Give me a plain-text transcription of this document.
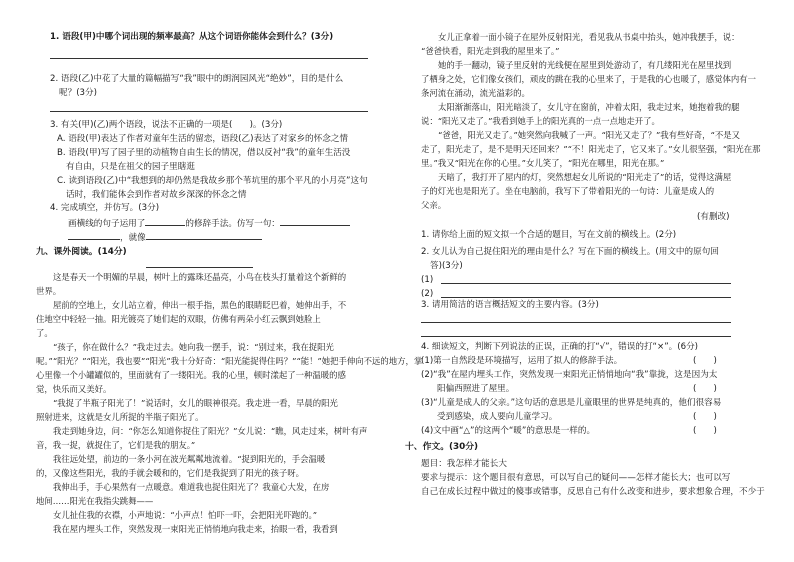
1. 语段(甲)中哪个词出现的频率最高？从这个词语你能体会到什么？(3分)
2. 语段(乙)中花了大量的篇幅描写“我”眼中的朗润园风光“绝妙”，目的是什么
呢？(3分)
3. 有关(甲)(乙)两个语段，说法不正确的一项是(　　)。(3分)
A. 语段(甲)表达了作者对童年生活的留恋，语段(乙)表达了对家乡的怀念之情
B. 语段(甲)写了园子里的动植物自由生长的情况，借以反衬“我”的童年生活没
有自由，只是在祖父的园子里瞎逛
C. 读到语段(乙)中“我想到的却仍然是我故乡那个苇坑里的那个平凡的小月亮”这句
话时，我们能体会到作者对故乡深深的怀念之情
4. 完成填空，并仿写。(3分)
画横线的句子运用了	的修辞手法。仿写一句：
，就像
九、课外阅读。(14分)
这是春天一个明媚的早晨，树叶上的露珠还晶亮，小鸟在枝头打量着这个新鲜的
世界。
屋前的空地上，女儿站立着，伸出一根手指，黑色的眼睛眨巴着，她伸出手，不
住地空中轻轻一抽。阳光镀亮了她们起的双眼，仿佛有两朵小红云飘到她脸上
了。
“孩子，你在做什么？”我走过去。她向我一摆手，说：“别过来，我在捉阳光
呢。”“阳光？”“阳光，我也要”“阳光”我十分好奇：“阳光能捉得住吗？”“能！”她把手伸向不远的地方，掌
心里像一个小罐罐似的，里面就有了一缕阳光。我的心里，顿时漾起了一种温暖的感
觉，快乐而又美好。
“我捉了半瓶子阳光了！”说话时，女儿的眼神很亮。我走进一看，早晨的阳光
照射进来，这就是女儿所捉的半瓶子阳光了。
我走到她身边，问：“你怎么知道你捉住了阳光？”女儿说：“瞧，风走过来，树叶有声
音，我一捉，就捉住了，它们是我的朋友。”
我往远处望，前边的一条小河在波光粼粼地流着。“捉到阳光的，手会温暖
的，又像这些阳光，我的手就会暖和的，它们是我捉到了阳光的孩子呀。
我伸出手，手心果然有一点暖意。难道我也捉住阳光了？我童心大发，在房
地间……阳光在我指尖跳舞——
女儿扯住我的衣襟，小声地说：“小声点！怕吓一吓，会把阳光吓跑的。”
我在屋内埋头工作，突然发现一束阳光正悄悄地向我走来，抬眼一看，我看到
女儿正拿着一面小镜子在屋外反射阳光，看见我从书桌中抬头，她冲我摆手，说：
“爸爸快看，阳光走到我的屋里来了。”
她的手一翻动，镜子里反射的光线便在屋里到处游动了，有几缕阳光在屋里找到
了栖身之处，它们像女孩们，顽皮的跳在我的心里来了，于是我的心也暖了，感觉体内有一
条河流在涌动，流光溢彩的。
太阳渐渐落山，阳光暗淡了，女儿守在窗前，冲着太阳，我走过来，她抱着我的腿
说：“阳光又走了。”我看到她手上的阳光真的一点一点地走开了。
“爸爸，阳光又走了。”她突然向我喊了一声。“阳光又走了？”我有些好奇，“不是又
走了，阳光走了，是不是明天还回来？”“不！阳光走了，它又来了。”女儿很坚强，“阳光在那
里。”我又“阳光在你的心里。”女儿笑了，“阳光在哪里，阳光在那。”
天暗了，我打开了屋内的灯，突然想起女儿所说的“阳光走了”的话，觉得这满屋
子的灯光也是阳光了。坐在电脑前，我写下了带着阳光的一句诗：儿童是成人的
父亲。
(有删改)
1. 请你给上面的短文拟一个合适的题目，写在文前的横线上。(2分)
2. 女儿认为自己捉住阳光的理由是什么？写在下面的横线上。(用文中的原句回
答)(3分)
(1)
(2)
3. 请用简洁的语言概括短文的主要内容。(3分)
4. 细读短文，判断下列说法的正误，正确的打“√”，错误的打“×”。(6分)
(1)第一自然段是环境描写，运用了拟人的修辞手法。
(2)“我”在屋内埋头工作，突然发现一束阳光正悄悄地向“我”靠拢，这是因为太
阳偏西照进了屋里。
(3)“儿童是成人的父亲。”这句话的意思是儿童眼里的世界是纯真的，他们很容易
受到感染，成人要向儿童学习。
(4)文中画“△”的这两个“暖”的意思是一样的。
(　　)
(　　)
(　　)
(　　)
十、作文。(30分)
题目：我怎样才能长大
要求与提示：这个题目很有意思，可以写自己的疑问——怎样才能长大；也可以写
自己在成长过程中做过的傻事或错事，反思自己有什么改变和进步，要求想象合理，不少于
